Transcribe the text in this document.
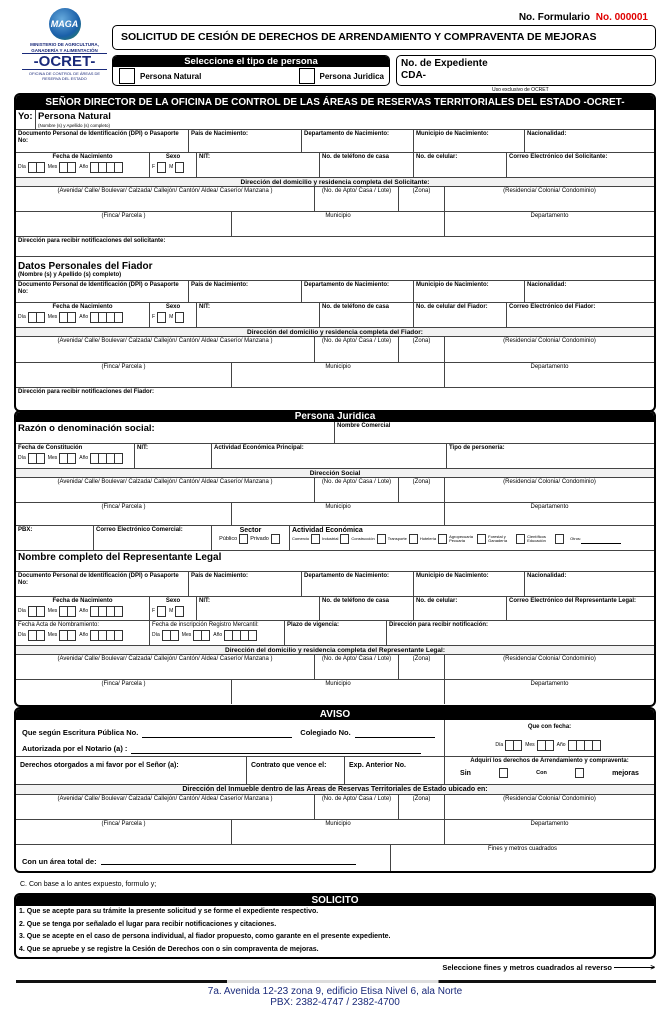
MAGA
MINISTERIO DE AGRICULTURA, GANADERÍA Y ALIMENTACIÓN
-OCRET-
OFICINA DE CONTROL DE ÁREAS DE RESERVA DEL ESTADO
No. Formulario No. 000001
SOLICITUD DE CESIÓN DE DERECHOS DE ARRENDAMIENTO Y COMPRAVENTA DE MEJORAS
Seleccione el tipo de persona
Persona Natural	Persona Juridica
No. de Expediente
CDA-
Uso exclusivo de OCRET
SEÑOR DIRECTOR DE LA OFICINA DE CONTROL DE LAS ÁREAS DE RESERVAS TERRITORIALES DEL ESTADO -OCRET-
Yo: Persona Natural
(Nombre (s) y Apellido (s) completo)
Documento Personal de Identificación (DPI) o Pasaporte No:
País de Nacimiento:	Departamento de Nacimiento:	Municipio de Nacimiento:	Nacionalidad:
Fecha de Nacimiento
Día	Mes	Año
Sexo
F	M
NIT:	No. de teléfono de casa	No. de celular:	Correo Electrónico del Solicitante:
Dirección del domicilio y residencia completa del Solicitante:
(Avenida/ Calle/ Boulevar/ Calzada/ Callejón/ Cantón/ Aldea/ Caserío/ Manzana )	(No. de Apto/ Casa / Lote)	(Zona)	(Residencia/ Colonia/ Condominio)
(Finca/ Parcela )	Municipio	Departamento
Dirección para recibir notificaciones del solicitante:
Datos Personales del Fiador
(Nombre (s) y Apellido (s) completo)
Documento Personal de Identificación (DPI) o Pasaporte No:
País de Nacimiento:	Departamento de Nacimiento:	Municipio de Nacimiento:	Nacionalidad:
Fecha de Nacimiento
Día	Mes	Año
Sexo
F	M
NIT:	No. de teléfono de casa	No. de celular del Fiador:	Correo Electrónico del Fiador:
Dirección del domicilio y residencia completa del Fiador:
(Avenida/ Calle/ Boulevar/ Calzada/ Callejón/ Cantón/ Aldea/ Caserío/ Manzana )	(No. de Apto/ Casa / Lote)	(Zona)	(Residencia/ Colonia/ Condominio)
(Finca/ Parcela )	Municipio	Departamento
Dirección para recibir notificaciones del Fiador:
Persona Jurídica
Razón o denominación social:	Nombre Comercial
Fecha de Constitución
Día	Mes	Año
NIT:	Actividad Económica Principal:	Tipo de personería:
Dirección Social
(Avenida/ Calle/ Boulevar/ Calzada/ Callejón/ Cantón/ Aldea/ Caserío/ Manzana )	(No. de Apto/ Casa / Lote)	(Zona)	(Residencia/ Colonia/ Condominio)
(Finca/ Parcela )	Municipio	Departamento
PBX:	Correo Electrónico Comercial:	Sector
Público Privado
Actividad Económica
Comercio	Industrial	Construcción	Transporte	Hotelería	Agropecuaria Pecuaria
Forestal y Ganadería
Científicos Educación	Otros:
Nombre completo del Representante Legal
Documento Personal de Identificación (DPI) o Pasaporte No:
País de Nacimiento:	Departamento de Nacimiento:	Municipio de Nacimiento:	Nacionalidad:
Fecha de Nacimiento
Día	Mes	Año
Sexo
F	M
NIT:	No. de teléfono de casa	No. de celular:	Correo Electrónico del Representante Legal:
Fecha Acta de Nombramiento:
Día	Mes	Año
Fecha de inscripción Registro Mercantil:
Día	Mes	Año
Plazo de vigencia:	Dirección para recibir notificación:
Dirección del domicilio y residencia completa del Representante Legal:
(Avenida/ Calle/ Boulevar/ Calzada/ Callejón/ Cantón/ Aldea/ Caserío/ Manzana )	(No. de Apto/ Casa / Lote)	(Zona)	(Residencia/ Colonia/ Condominio)
(Finca/ Parcela )	Municipio	Departamento
AVISO
Que según Escritura Pública No.	Colegiado No.
Autorizada por el Notario (a) :
Que con fecha:
Día	Mes	Año
Derechos otorgados a mi favor por el Señor (a):	Contrato que vence el:	Exp. Anterior No.
Adquirí los derechos de Arrendamiento y compraventa:
Sin	Con	mejoras
Dirección del Inmueble dentro de las Áreas de Reservas Territoriales de Estado ubicado en:
(Avenida/ Calle/ Boulevar/ Calzada/ Callejón/ Cantón/ Aldea/ Caserío/ Manzana )	(No. de Apto/ Casa / Lote)	(Zona)	(Residencia/ Colonia/ Condominio)
(Finca/ Parcela )	Municipio	Departamento
Con un área total de:
Fines y metros cuadrados
C. Con base a lo antes expuesto, formulo y;
SOLICITO
1. Que se acepte para su trámite la presente solicitud y se forme el expediente respectivo.
2. Que se tenga por señalado el lugar para recibir notificaciones y citaciones.
3. Que se acepte en el caso de persona individual, al fiador propuesto, como garante en el presente expediente.
4. Que se apruebe y se registre la Cesión de Derechos con o sin compraventa de mejoras.
Seleccione fines y metros cuadrados al reverso	>
7a. Avenida 12-23 zona 9, edificio Etisa Nivel 6, ala Norte
PBX: 2382-4747 / 2382-4700
